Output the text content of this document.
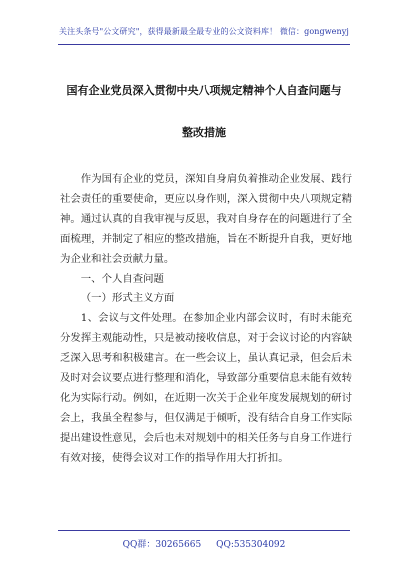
关注头条号"公文研究"，获得最新最全最专业的公文资料库！ 微信：gongwenyj
国有企业党员深入贯彻中央八项规定精神个人自查问题与
整改措施

作为国有企业的党员，深知自身肩负着推动企业发展、践行社会责任的重要使命，更应以身作则，深入贯彻中央八项规定精神。通过认真的自我审视与反思，我对自身存在的问题进行了全面梳理，并制定了相应的整改措施，旨在不断提升自我，更好地为企业和社会贡献力量。

一、个人自查问题

（一）形式主义方面

1、会议与文件处理。在参加企业内部会议时，有时未能充分发挥主观能动性，只是被动接收信息，对于会议讨论的内容缺乏深入思考和积极建言。在一些会议上，虽认真记录，但会后未及时对会议要点进行整理和消化，导致部分重要信息未能有效转化为实际行动。例如，在近期一次关于企业年度发展规划的研讨会上，我虽全程参与，但仅满足于倾听，没有结合自身工作实际提出建设性意见，会后也未对规划中的相关任务与自身工作进行有效对接，使得会议对工作的指导作用大打折扣。

QQ群：30265665 QQ:535304092
